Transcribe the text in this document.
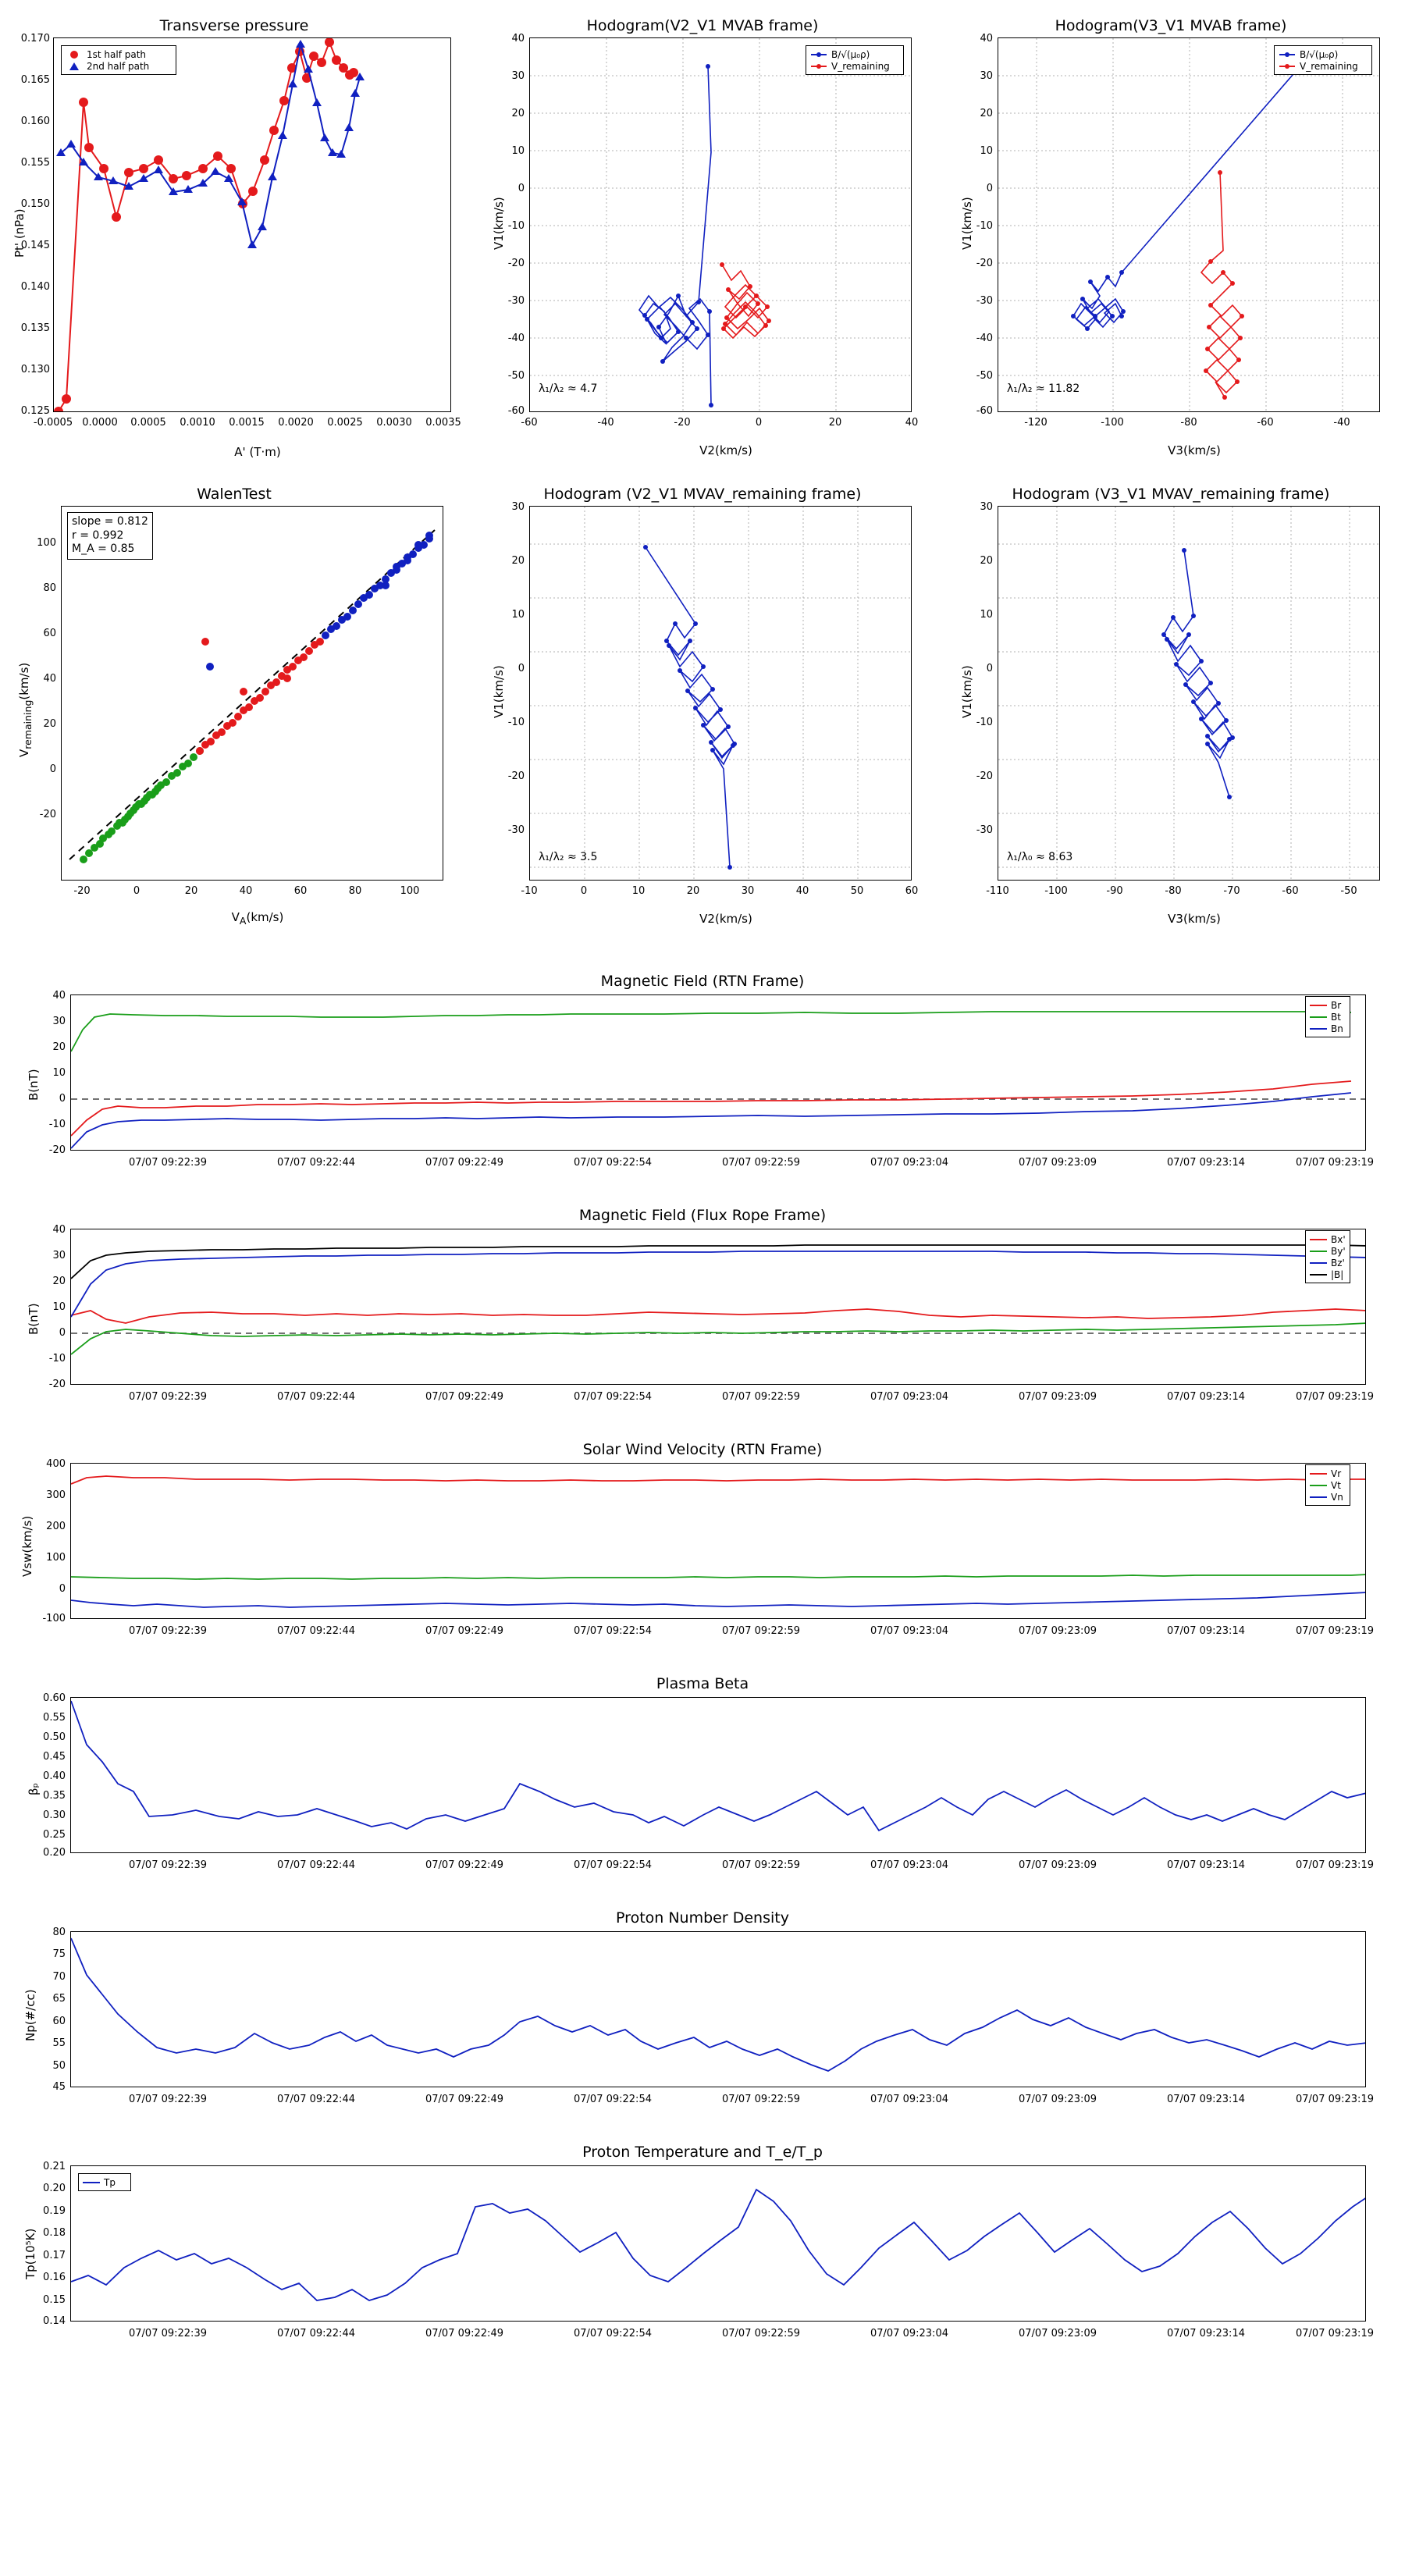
Transverse pressure
Pt' (nPa)
A' (T·m)
1st half path
2nd half path
0.170
0.165
0.160
0.155
0.150
0.145
0.140
0.135
0.130
0.125
-0.0005 0.0000	0.0005	0.0010	0.0015	0.0020	0.0025	0.0030	0.0035
Hodogram(V2_V1 MVAB frame)
V1(km/s)
V2(km/s)
B/√(μ₀ρ)
V_remaining
λ₁/λ₂ ≈ 4.7
40
30
20
10
0
-10
-20
-30
-40
-50
-60
-60	-40	-20	0	20	40
Hodogram(V3_V1 MVAB frame)
V1(km/s)
V3(km/s)
B/√(μ₀ρ)
V_remaining
λ₁/λ₂ ≈ 11.82
40
30
20
10
0
-10
-20
-30
-40
-50
-60
-120	-100	-80	-60	-40
WalenTest
$V_{remaining}(km/s)$
$V_A(km/s)$
slope = 0.812
r = 0.992
M_A = 0.85
100
80
60
40
20
0
-20
-20	0	20	40	60	80	100
Hodogram (V2_V1 MVAV_remaining frame)
V1(km/s)
V2(km/s)
λ₁/λ₂ ≈ 3.5
30
20
10
0
-10
-20
-30
-10	0	10	20	30	40	50	60
Hodogram (V3_V1 MVAV_remaining frame)
V1(km/s)
V3(km/s)
λ₁/λ₀ ≈ 8.63
30
20
10
0
-10
-20
-30
-110	-100	-90	-80	-70	-60	-50
Magnetic Field (RTN Frame)
B(nT)
Br
Bt
Bn
40
30
20
10
0
-10
-20
07/07 09:22:39	07/07 09:22:44	07/07 09:22:49	07/07 09:22:54	07/07 09:22:59	07/07 09:23:04	07/07 09:23:09	07/07 09:23:14	07/07 09:23:19
Magnetic Field (Flux Rope Frame)
B(nT)
Bx'
By'
Bz'
|B|
40
30
20
10
0
-10
-20
07/07 09:22:39	07/07 09:22:44	07/07 09:22:49	07/07 09:22:54	07/07 09:22:59	07/07 09:23:04	07/07 09:23:09	07/07 09:23:14	07/07 09:23:19
Solar Wind Velocity (RTN Frame)
Vsw(km/s)
Vr
Vt
Vn
400
300
200
100
0
-100
07/07 09:22:39	07/07 09:22:44	07/07 09:22:49	07/07 09:22:54	07/07 09:22:59	07/07 09:23:04	07/07 09:23:09	07/07 09:23:14	07/07 09:23:19
Plasma Beta
βₚ
0.60
0.55
0.50
0.45
0.40
0.35
0.30
0.25
0.20
07/07 09:22:39	07/07 09:22:44	07/07 09:22:49	07/07 09:22:54	07/07 09:22:59	07/07 09:23:04	07/07 09:23:09	07/07 09:23:14	07/07 09:23:19
Proton Number Density
Np(#/cc)
80
75
70
65
60
55
50
45
07/07 09:22:39	07/07 09:22:44	07/07 09:22:49	07/07 09:22:54	07/07 09:22:59	07/07 09:23:04	07/07 09:23:09	07/07 09:23:14	07/07 09:23:19
Proton Temperature and T_e/T_p
Tp(10⁵K)
Tp
0.21
0.20
0.19
0.18
0.17
0.16
0.15
0.14
07/07 09:22:39	07/07 09:22:44	07/07 09:22:49	07/07 09:22:54	07/07 09:22:59	07/07 09:23:04	07/07 09:23:09	07/07 09:23:14	07/07 09:23:19
